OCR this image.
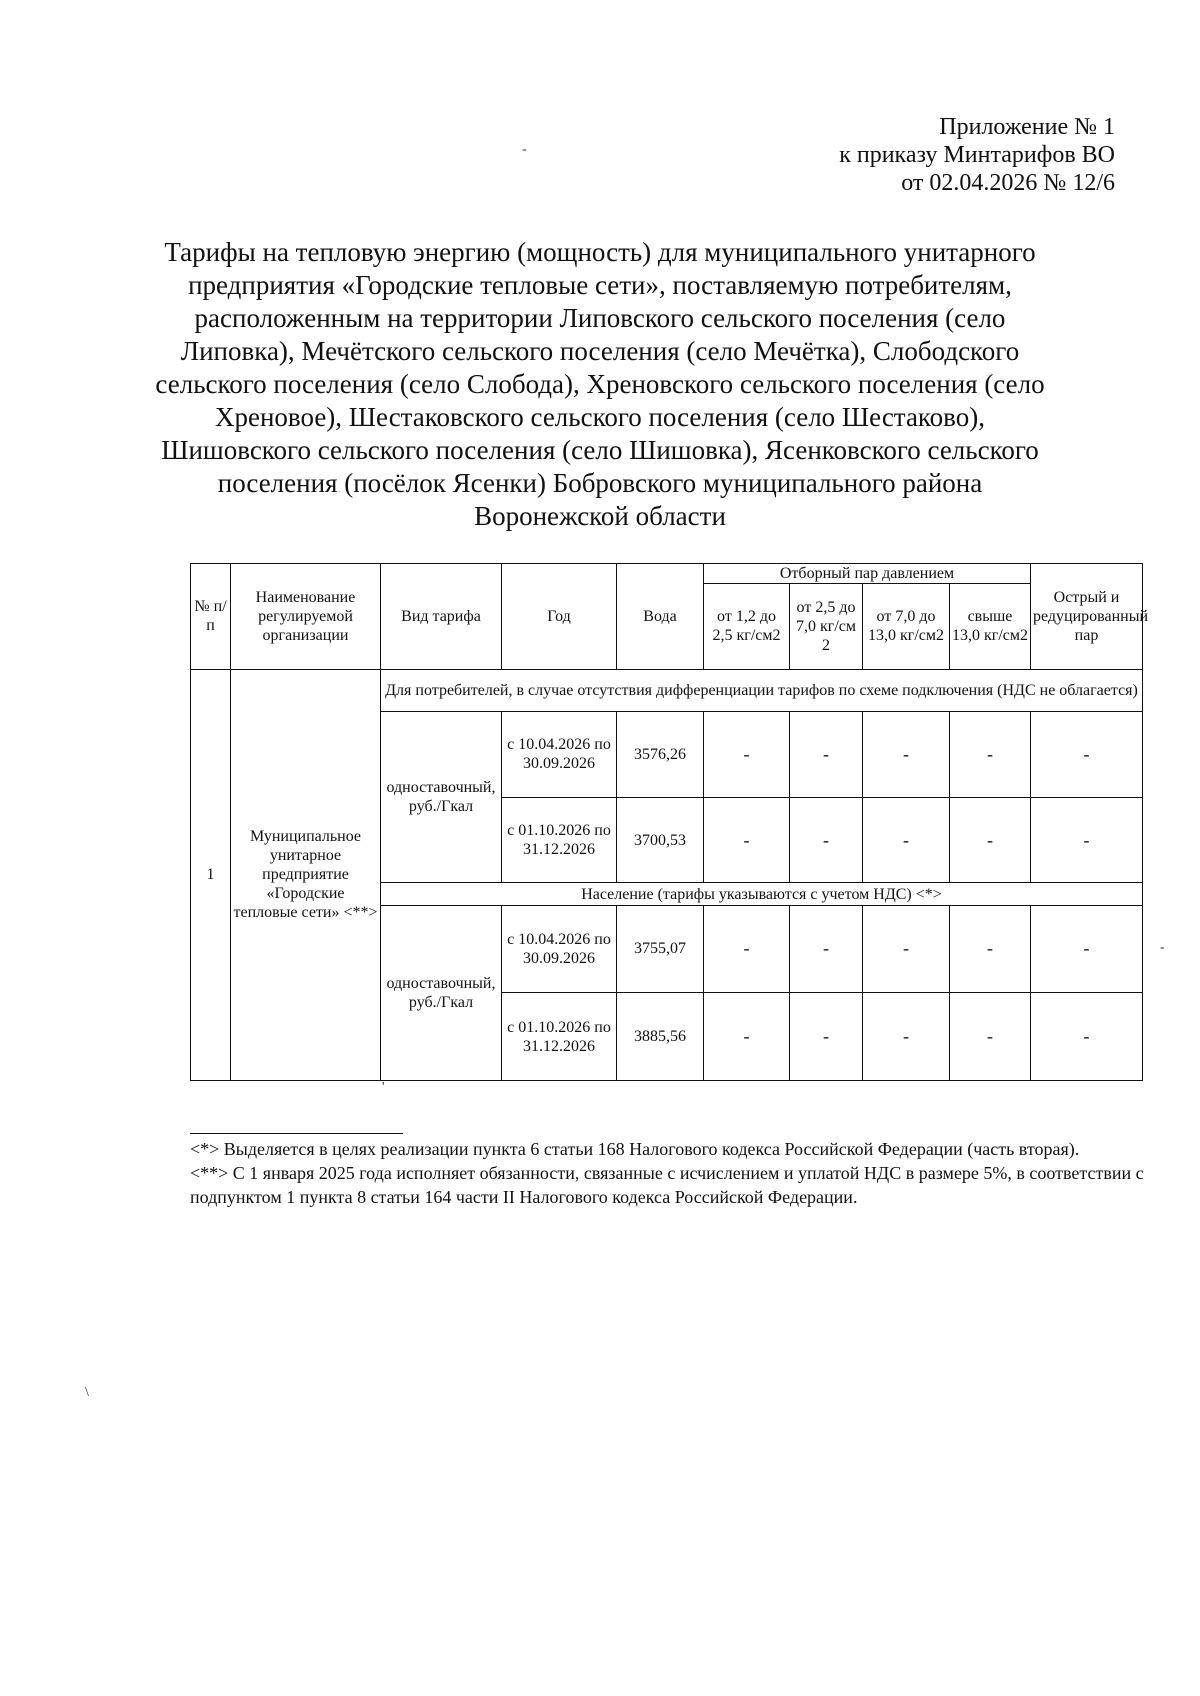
Приложение № 1
к приказу Минтарифов ВО
от 02.04.2026 № 12/6
Тарифы на тепловую энергию (мощность) для муниципального унитарного
предприятия «Городские тепловые сети», поставляемую потребителям,
расположенным на территории Липовского сельского поселения (село
Липовка), Мечётского сельского поселения (село Мечётка), Слободского
сельского поселения (село Слобода), Хреновского сельского поселения (село
Хреновое), Шестаковского сельского поселения (село Шестаково),
Шишовского сельского поселения (село Шишовка), Ясенковского сельского
поселения (посёлок Ясенки) Бобровского муниципального района
Воронежской области
№ п/ п	Наименование регулируемой организации	Вид тарифа	Год	Вода	Отборный пар давлением				Острый и редуцированный пар
					от 1,2 до 2,5 кг/см2	от 2,5 до 7,0 кг/см 2	от 7,0 до 13,0 кг/см2	свыше 13,0 кг/см2	
1	Муниципальное унитарное предприятие «Городские тепловые сети» <**>	Для потребителей, в случае отсутствия дифференциации тарифов по схеме подключения (НДС не облагается)							
		одноставочный, руб./Гкал	с 10.04.2026 по 30.09.2026	3576,26	-	-	-	-	-
			с 01.10.2026 по 31.12.2026	3700,53	-	-	-	-	-
		Население (тарифы указываются с учетом НДС) <*>							
		одноставочный, руб./Гкал	с 10.04.2026 по 30.09.2026	3755,07	-	-	-	-	-
			с 01.10.2026 по 31.12.2026	3885,56	-	-	-	-	-

<*> Выделяется в целях реализации пункта 6 статьи 168 Налогового кодекса Российской Федерации (часть вторая).

<**> С 1 января 2025 года исполняет обязанности, связанные с исчислением и уплатой НДС в размере 5%, в соответствии с подпунктом 1 пункта 8 статьи 164 части II Налогового кодекса Российской Федерации.

-
'
-
\
